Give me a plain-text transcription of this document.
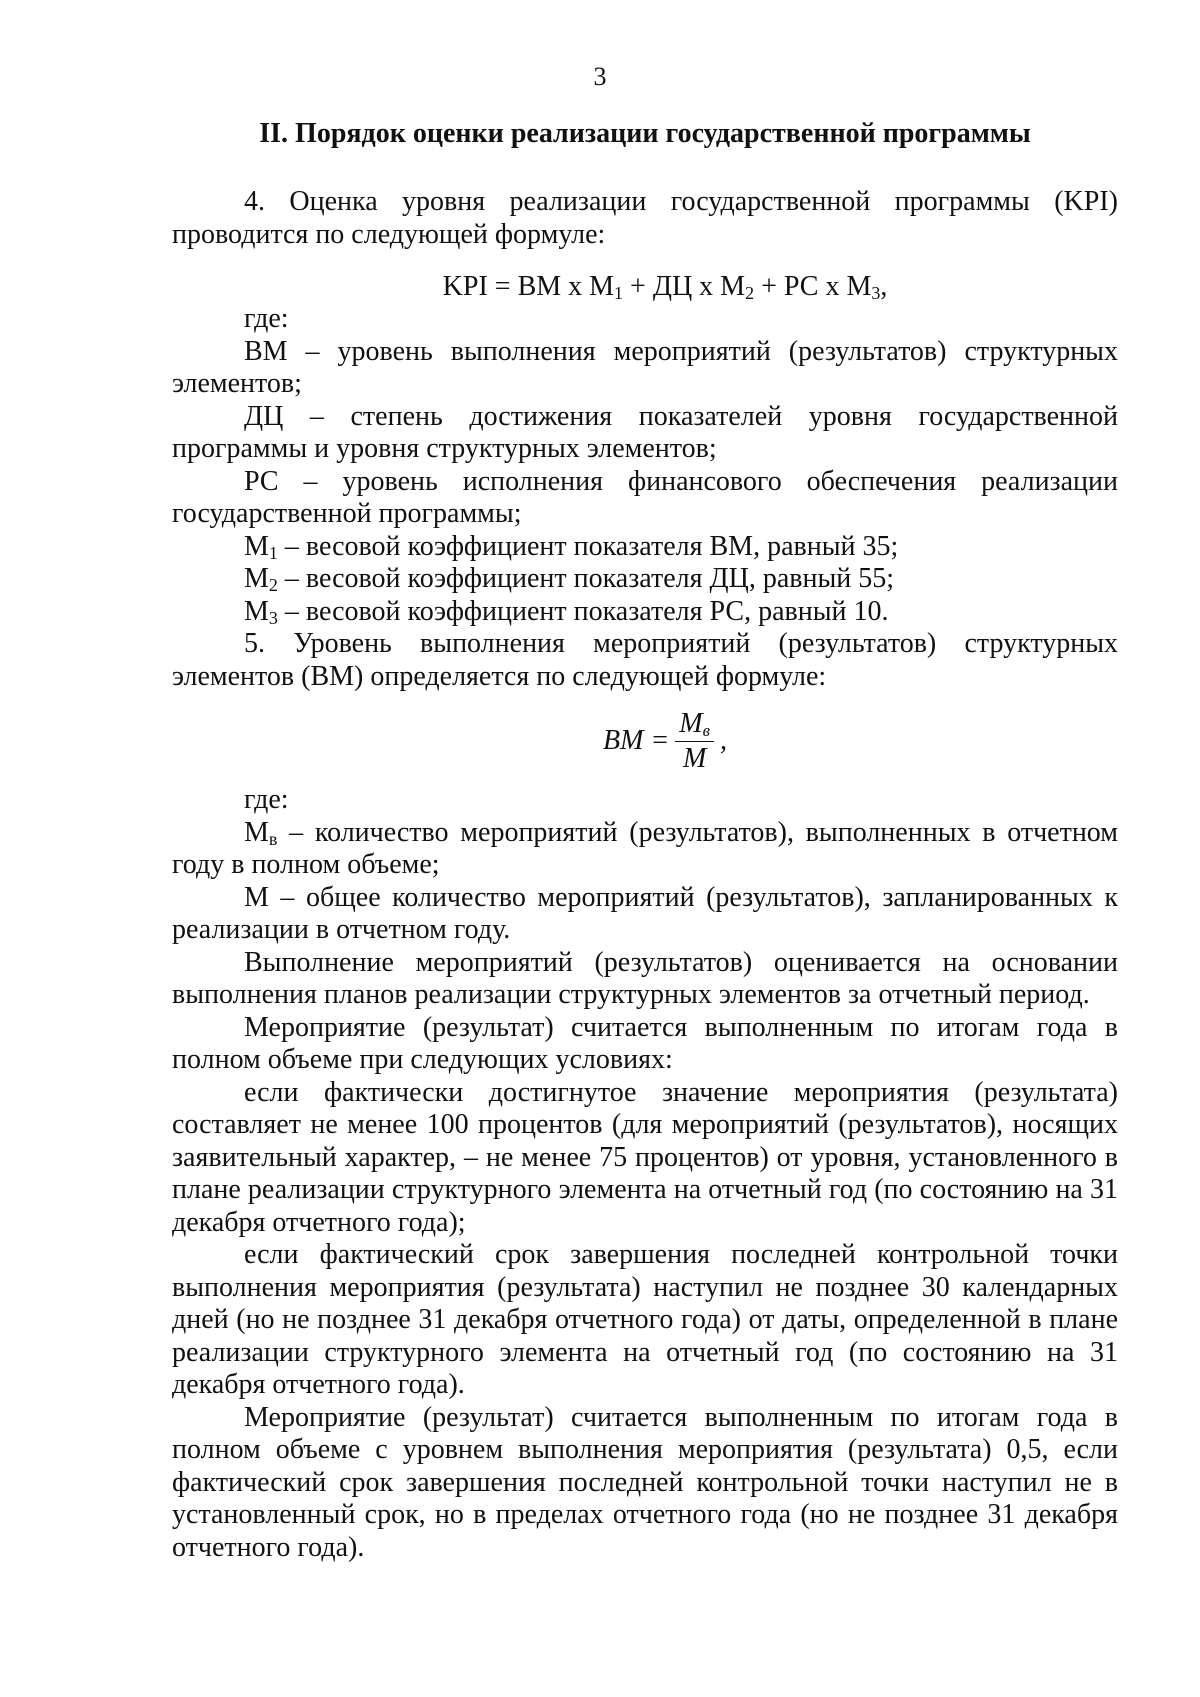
3
II. Порядок оценки реализации государственной программы

4. Оценка уровня реализации государственной программы (KPI) проводится по следующей формуле:

KPI = ВМ х $М_1$ + ДЦ х $М_2$ + РС х $М_3$,

где:

ВМ – уровень выполнения мероприятий (результатов) структурных элементов;

ДЦ – степень достижения показателей уровня государственной программы и уровня структурных элементов;

РС – уровень исполнения финансового обеспечения реализации государственной программы;

$М_1$ – весовой коэффициент показателя ВМ, равный 35;

$М_2$ – весовой коэффициент показателя ДЦ, равный 55;

$М_3$ – весовой коэффициент показателя РС, равный 10.

5. Уровень выполнения мероприятий (результатов) структурных элементов (ВМ) определяется по следующей формуле:

BM = $\frac{M_в}{M}$ ,

где:

$М_в$ – количество мероприятий (результатов), выполненных в отчетном году в полном объеме;

М – общее количество мероприятий (результатов), запланированных к реализации в отчетном году.

Выполнение мероприятий (результатов) оценивается на основании выполнения планов реализации структурных элементов за отчетный период.

Мероприятие (результат) считается выполненным по итогам года в полном объеме при следующих условиях:

если фактически достигнутое значение мероприятия (результата) составляет не менее 100 процентов (для мероприятий (результатов), носящих заявительный характер, – не менее 75 процентов) от уровня, установленного в плане реализации структурного элемента на отчетный год (по состоянию на 31 декабря отчетного года);

если фактический срок завершения последней контрольной точки выполнения мероприятия (результата) наступил не позднее 30 календарных дней (но не позднее 31 декабря отчетного года) от даты, определенной в плане реализации структурного элемента на отчетный год (по состоянию на 31 декабря отчетного года).

Мероприятие (результат) считается выполненным по итогам года в полном объеме с уровнем выполнения мероприятия (результата) 0,5, если фактический срок завершения последней контрольной точки наступил не в установленный срок, но в пределах отчетного года (но не позднее 31 декабря отчетного года).
